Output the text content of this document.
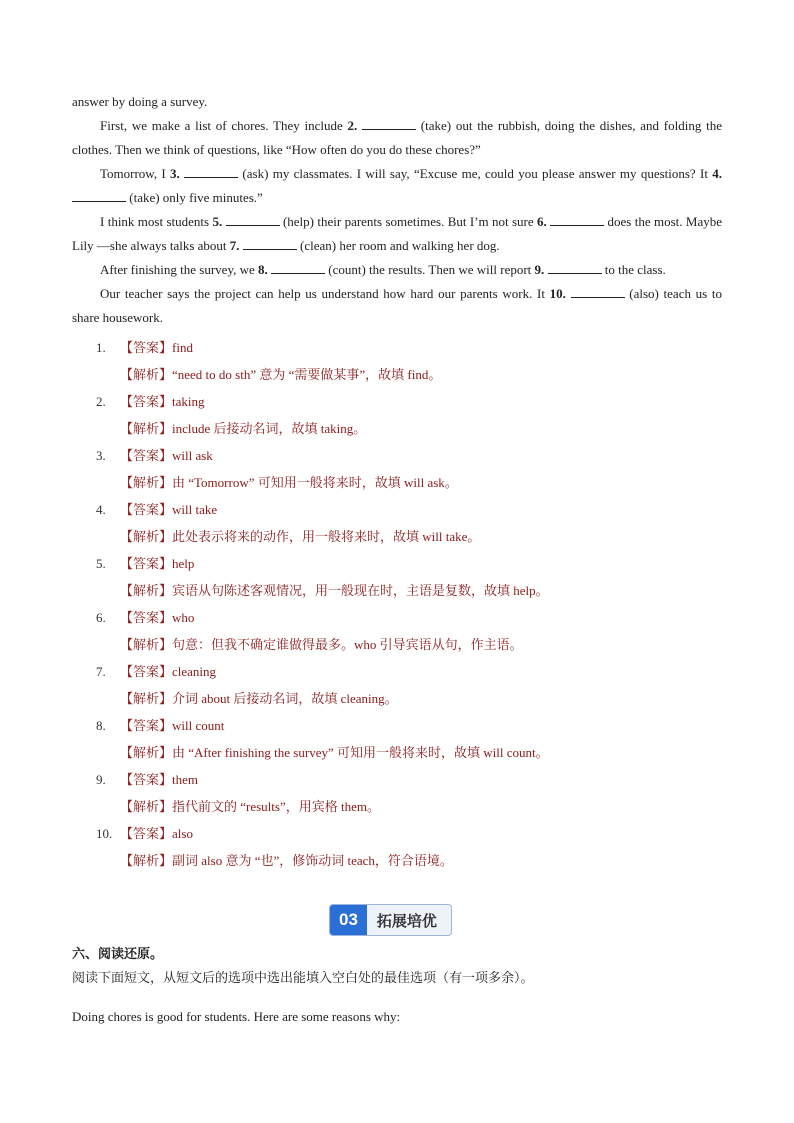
answer by doing a survey.

First, we make a list of chores. They include 2.	(take) out the rubbish, doing the dishes, and folding the clothes. Then we think of questions, like “How often do you do these chores?”

Tomorrow, I 3.	(ask) my classmates. I will say, “Excuse me, could you please answer my questions? It 4.  (take) only five minutes.”

I think most students 5.	(help) their parents sometimes. But I’m not sure 6.	does the most. Maybe Lily —she always talks about 7.	(clean) her room and walking her dog.

After finishing the survey, we 8.	(count) the results. Then we will report 9.	to the class.

Our teacher says the project can help us understand how hard our parents work. It 10.	(also) teach us to share housework.

1. 【答案】find
【解析】“need to do sth” 意为 “需要做某事”，故填 find。
2. 【答案】taking
【解析】include 后接动名词，故填 taking。
3. 【答案】will ask
【解析】由 “Tomorrow” 可知用一般将来时，故填 will ask。
4. 【答案】will take
【解析】此处表示将来的动作，用一般将来时，故填 will take。
5. 【答案】help
【解析】宾语从句陈述客观情况，用一般现在时，主语是复数，故填 help。
6. 【答案】who
【解析】句意：但我不确定谁做得最多。who 引导宾语从句，作主语。
7. 【答案】cleaning
【解析】介词 about 后接动名词，故填 cleaning。
8. 【答案】will count
【解析】由 “After finishing the survey” 可知用一般将来时，故填 will count。
9. 【答案】them
【解析】指代前文的 “results”，用宾格 them。
10. 【答案】also
【解析】副词 also 意为 “也”，修饰动词 teach，符合语境。
03	拓展培优

六、阅读还原。

阅读下面短文，从短文后的选项中选出能填入空白处的最佳选项（有一项多余）。

Doing chores is good for students. Here are some reasons why:
